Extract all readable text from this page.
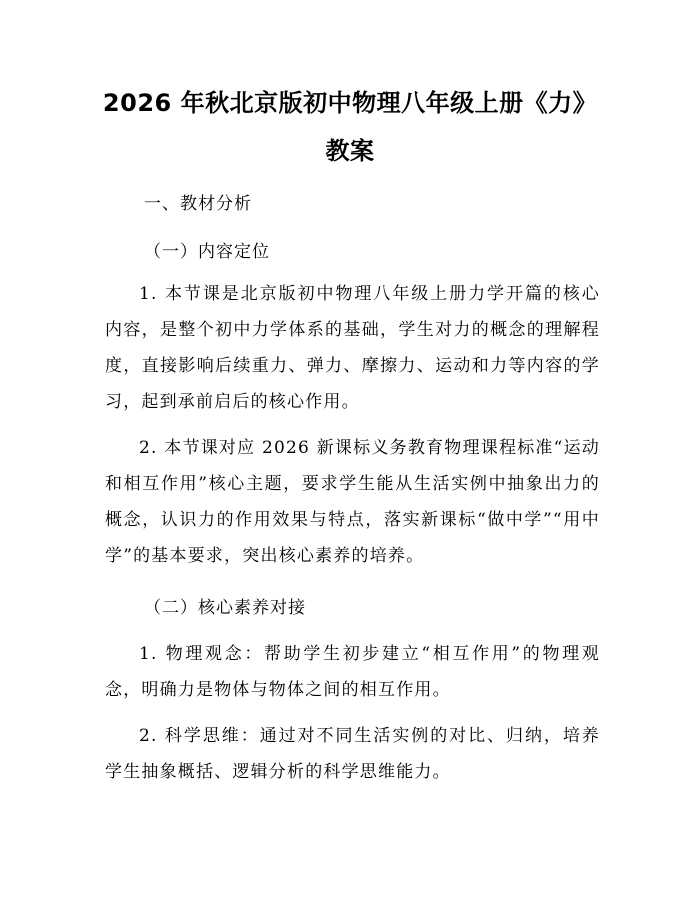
2026 年秋北京版初中物理八年级上册《力》
教案
一、教材分析
（一）内容定位
1. 本节课是北京版初中物理八年级上册力学开篇的核心内容，是整个初中力学体系的基础，学生对力的概念的理解程度，直接影响后续重力、弹力、摩擦力、运动和力等内容的学习，起到承前启后的核心作用。
2. 本节课对应 2026 新课标义务教育物理课程标准“运动和相互作用”核心主题，要求学生能从生活实例中抽象出力的概念，认识力的作用效果与特点，落实新课标“做中学”“用中学”的基本要求，突出核心素养的培养。
（二）核心素养对接
1. 物理观念：帮助学生初步建立“相互作用”的物理观念，明确力是物体与物体之间的相互作用。
2. 科学思维：通过对不同生活实例的对比、归纳，培养学生抽象概括、逻辑分析的科学思维能力。
